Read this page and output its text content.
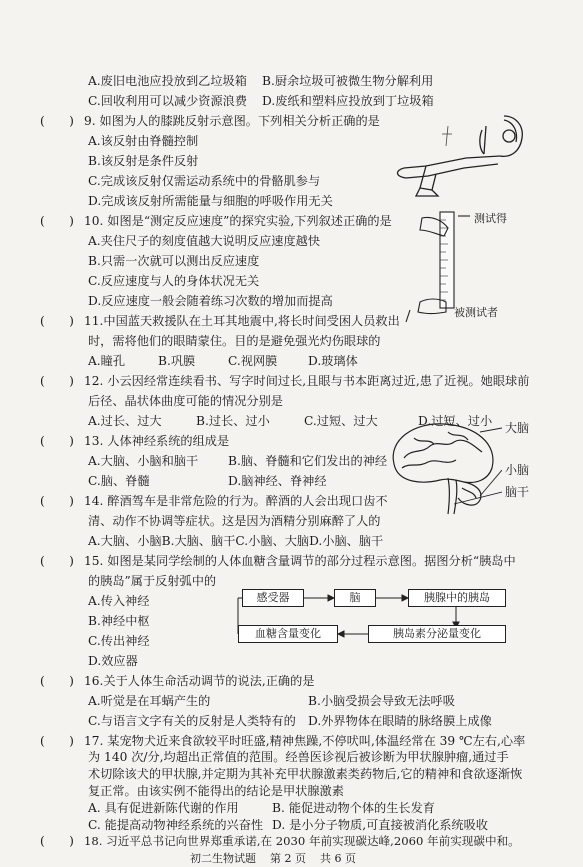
A.废旧电池应投放到乙垃圾箱 B.厨余垃圾可被微生物分解利用
C.回收利用可以减少资源浪费 D.废纸和塑料应投放到丁垃圾箱
(　　) 9. 如图为人的膝跳反射示意图。下列相关分析正确的是
A.该反射由脊髓控制
B.该反射是条件反射
C.完成该反射仅需运动系统中的骨骼肌参与
D.完成该反射所需能量与细胞的呼吸作用无关
(　　) 10. 如图是“测定反应速度”的探究实验,下列叙述正确的是
A.夹住尺子的刻度值越大说明反应速度越快
B.只需一次就可以测出反应速度
C.反应速度与人的身体状况无关
D.反应速度一般会随着练习次数的增加而提高
测试得
被测试者
(　　) 11.中国蓝天救援队在土耳其地震中,将长时间受困人员救出
时，需将他们的眼睛蒙住。目的是避免强光灼伤眼球的
A.瞳孔	B.巩膜	C.视网膜	D.玻璃体
(　　) 12. 小云因经常连续看书、写字时间过长,且眼与书本距离过近,患了近视。她眼球前
后径、晶状体曲度可能的情况分别是
A.过长、过大	B.过长、过小	C.过短、过大	D.过短、过小
(　　) 13. 人体神经系统的组成是
A.大脑、小脑和脑干 B.脑、脊髓和它们发出的神经
C.脑、脊髓	D.脑神经、脊神经
(　　) 14. 醉酒驾车是非常危险的行为。醉酒的人会出现口齿不
清、动作不协调等症状。这是因为酒精分别麻醉了人的
A.大脑、小脑B.大脑、脑干C.小脑、大脑D.小脑、脑干
大脑
小脑
脑干
(　　) 15. 如图是某同学绘制的人体血糖含量调节的部分过程示意图。据图分析“胰岛中
的胰岛”属于反射弧中的
A.传入神经
B.神经中枢
C.传出神经
D.效应器
感受器	脑	胰腺中的胰岛
血糖含量变化	胰岛素分泌量变化
(　　) 16.关于人体生命活动调节的说法,正确的是
A.听觉是在耳蜗产生的	B.小脑受损会导致无法呼吸
C.与语言文字有关的反射是人类特有的 D.外界物体在眼睛的脉络膜上成像
(　　) 17. 某宠物犬近来食欲较平时旺盛,精神焦躁,不停吠叫,体温经常在 39 ℃左右,心率
为 140 次/分,均超出正常值的范围。经兽医诊视后被诊断为甲状腺肿瘤,通过手
术切除该犬的甲状腺,并定期为其补充甲状腺激素类药物后,它的精神和食欲逐渐恢
复正常。由该实例不能得出的结论是甲状腺激素
A. 具有促进新陈代谢的作用	B. 能促进动物个体的生长发育
C. 能提高动物神经系统的兴奋性 D. 是小分子物质,可直接被消化系统吸收
(　　) 18. 习近平总书记向世界郑重承诺,在 2030 年前实现碳达峰,2060 年前实现碳中和。
初二生物试题 第 2 页 共 6 页
